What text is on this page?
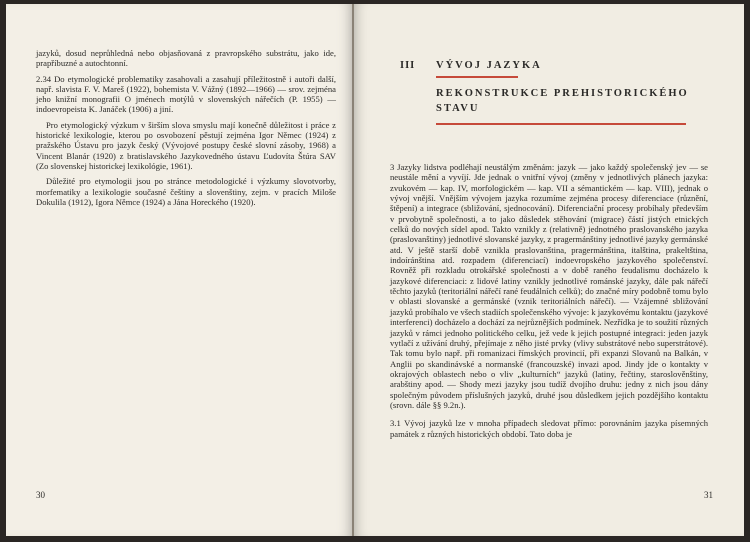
jazyků, dosud neprůhledná nebo objasňovaná z pravropského substrátu, jako ide, prapříbuzné a autochtonní.

2.34 Do etymologické problematiky zasahovali a zasahují příležitostně i autoři další, např. slavista F. V. Mareš (1922), bohemista V. Vážný (1892—1966) — srov. zejména jeho knižní monografii O jménech motýlů v slovenských nářečích (P. 1955) — indoevropeista K. Janáček (1906) a jiní.

Pro etymologický výzkum v širším slova smyslu mají konečně důležitost i práce z historické lexikologie, kterou po osvobození pěstují zejména Igor Němec (1924) z pražského Ústavu pro jazyk český (Vývojové postupy české slovní zásoby, 1968) a Vincent Blanár (1920) z bratislavského Jazykovedného ústavu Ľudovíta Štúra SAV (Zo slovenskej historickej lexikológie, 1961).

Důležité pro etymologii jsou po stránce metodologické i výzkumy slovotvorby, morfematiky a lexikologie současné češtiny a slovenštiny, zejm. v pracích Miloše Dokulila (1912), Igora Němce (1924) a Jána Horeckého (1920).

30
III VÝVOJ JAZYKA
REKONSTRUKCE PREHISTORICKÉHO STAVU

3 Jazyky lidstva podléhají neustálým změnám: jazyk — jako každý společenský jev — se neustále mění a vyvíjí. Jde jednak o vnitřní vývoj (změny v jednotlivých plánech jazyka: zvukovém — kap. IV, morfologickém — kap. VII a sémantickém — kap. VIII), jednak o vývoj vnější. Vnějším vývojem jazyka rozumíme zejména procesy diferenciace (různění, štěpení) a integrace (sbližování, sjednocování). Diferenciační procesy probíhaly především v prvobytně společnosti, a to jako důsledek stěhování (migrace) částí jistých etnických celků do nových sídel apod. Takto vznikly z (relativně) jednotného praslovanského jazyka (praslovanštiny) jednotlivé slovanské jazyky, z pragermánštiny jednotlivé jazyky germánské atd. V ještě starší době vznikla praslovanština, pragermánština, italština, prakeltština, indoíránština atd. rozpadem (diferenciací) indoevropského jazykového společenství. Rovněž při rozkladu otrokářské společnosti a v době raného feudalismu docházelo k jazykové diferenciaci: z lidové latiny vznikly jednotlivé románské jazyky, dále pak nářečí těchto jazyků (teritoriální nářečí rané feudálních celků); do značné míry podobně tomu bylo v oblasti slovanské a germánské (vznik teritoriálních nářečí). — Vzájemné sbližování jazyků probíhalo ve všech stadiích společenského vývoje: k jazykovému kontaktu (jazykové interferenci) docházelo a dochází za nejrůznějších podmínek. Nezřídka je to soužití různých jazyků v rámci jednoho politického celku, jež vede k jejich postupné integraci: jeden jazyk vytlačí z užívání druhý, přejímaje z něho jisté prvky (vlivy substrátové nebo superstrátové). Tak tomu bylo např. při romanizaci římských provincií, při expanzi Slovanů na Balkán, v Anglii po skandinávské a normanské (francouzské) invazi apod. Jindy jde o kontakty v okrajových oblastech nebo o vliv „kulturních“ jazyků (latiny, řečtiny, staroslověnštiny, arabštiny apod. — Shody mezi jazyky jsou tudíž dvojího druhu: jedny z nich jsou dány společným původem příslušných jazyků, druhé jsou důsledkem jejich pozdějšího kontaktu (srovn. dále §§ 9.2n.).

3.1 Vývoj jazyků lze v mnoha případech sledovat přímo: porovnáním jazyka písemných památek z různých historických období. Tato doba je

31
